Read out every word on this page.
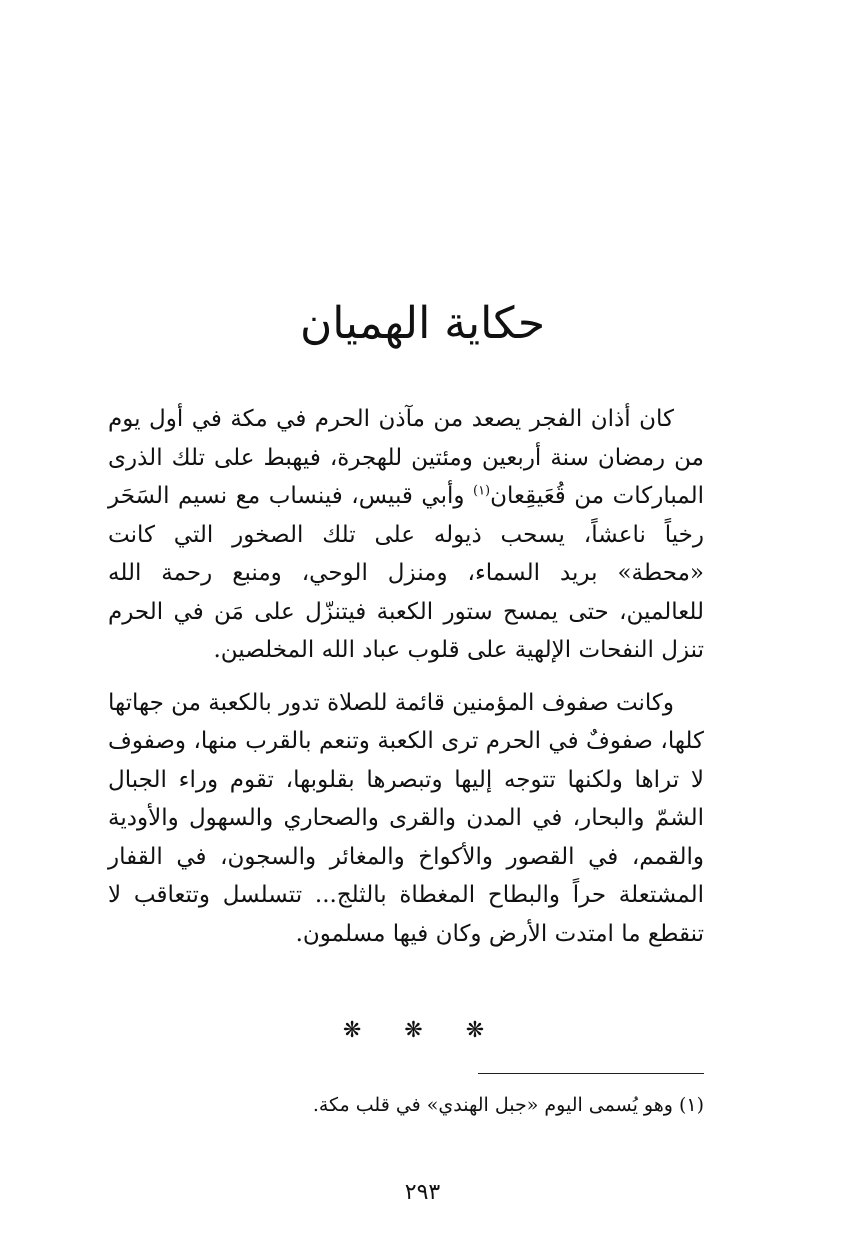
حكاية الهميان

كان أذان الفجر يصعد من مآذن الحرم في مكة في أول يوم من رمضان سنة أربعين ومئتين للهجرة، فيهبط على تلك الذرى المباركات من قُعَيقِعان$^{(١)}$ وأبي قبيس، فينساب مع نسيم السَحَر رخياً ناعشاً، يسحب ذيوله على تلك الصخور التي كانت «محطة» بريد السماء، ومنزل الوحي، ومنبع رحمة الله للعالمين، حتى يمسح ستور الكعبة فيتنزّل على مَن في الحرم تنزل النفحات الإلهية على قلوب عباد الله المخلصين.

وكانت صفوف المؤمنين قائمة للصلاة تدور بالكعبة من جهاتها كلها، صفوفٌ في الحرم ترى الكعبة وتنعم بالقرب منها، وصفوف لا تراها ولكنها تتوجه إليها وتبصرها بقلوبها، تقوم وراء الجبال الشمّ والبحار، في المدن والقرى والصحاري والسهول والأودية والقمم، في القصور والأكواخ والمغائر والسجون، في القفار المشتعلة حراً والبطاح المغطاة بالثلج... تتسلسل وتتعاقب لا تنقطع ما امتدت الأرض وكان فيها مسلمون.

❋ ❋ ❋

(١) وهو يُسمى اليوم «جبل الهندي» في قلب مكة.

٢٩٣
